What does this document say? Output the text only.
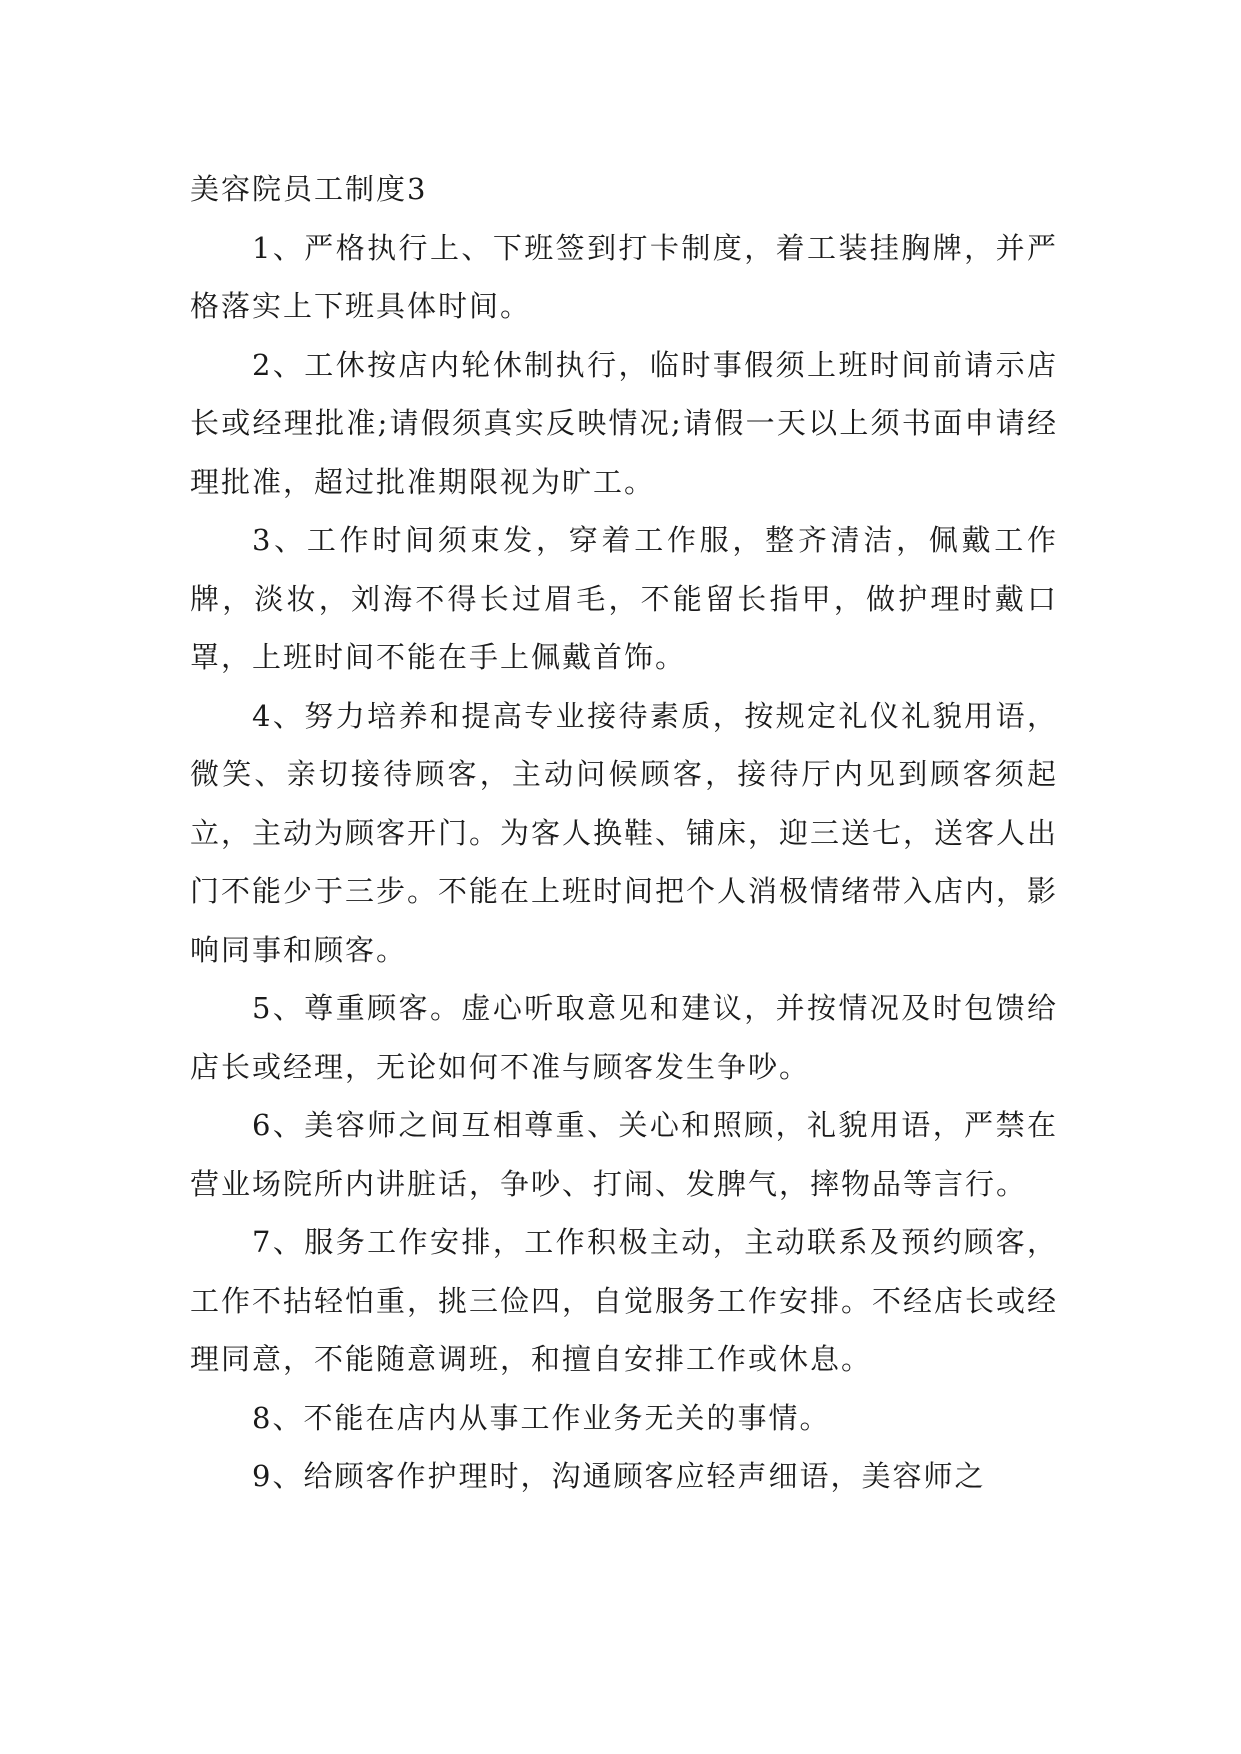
美容院员工制度3

1、严格执行上、下班签到打卡制度，着工装挂胸牌，并严格落实上下班具体时间。

2、工休按店内轮休制执行，临时事假须上班时间前请示店长或经理批准;请假须真实反映情况;请假一天以上须书面申请经理批准，超过批准期限视为旷工。

3、工作时间须束发，穿着工作服，整齐清洁，佩戴工作牌，淡妆，刘海不得长过眉毛，不能留长指甲，做护理时戴口罩，上班时间不能在手上佩戴首饰。

4、努力培养和提高专业接待素质，按规定礼仪礼貌用语，微笑、亲切接待顾客，主动问候顾客，接待厅内见到顾客须起立，主动为顾客开门。为客人换鞋、铺床，迎三送七，送客人出门不能少于三步。不能在上班时间把个人消极情绪带入店内，影响同事和顾客。

5、尊重顾客。虚心听取意见和建议，并按情况及时包馈给店长或经理，无论如何不准与顾客发生争吵。

6、美容师之间互相尊重、关心和照顾，礼貌用语，严禁在营业场院所内讲脏话，争吵、打闹、发脾气，摔物品等言行。

7、服务工作安排，工作积极主动，主动联系及预约顾客，工作不拈轻怕重，挑三俭四，自觉服务工作安排。不经店长或经理同意，不能随意调班，和擅自安排工作或休息。

8、不能在店内从事工作业务无关的事情。

9、给顾客作护理时，沟通顾客应轻声细语，美容师之
